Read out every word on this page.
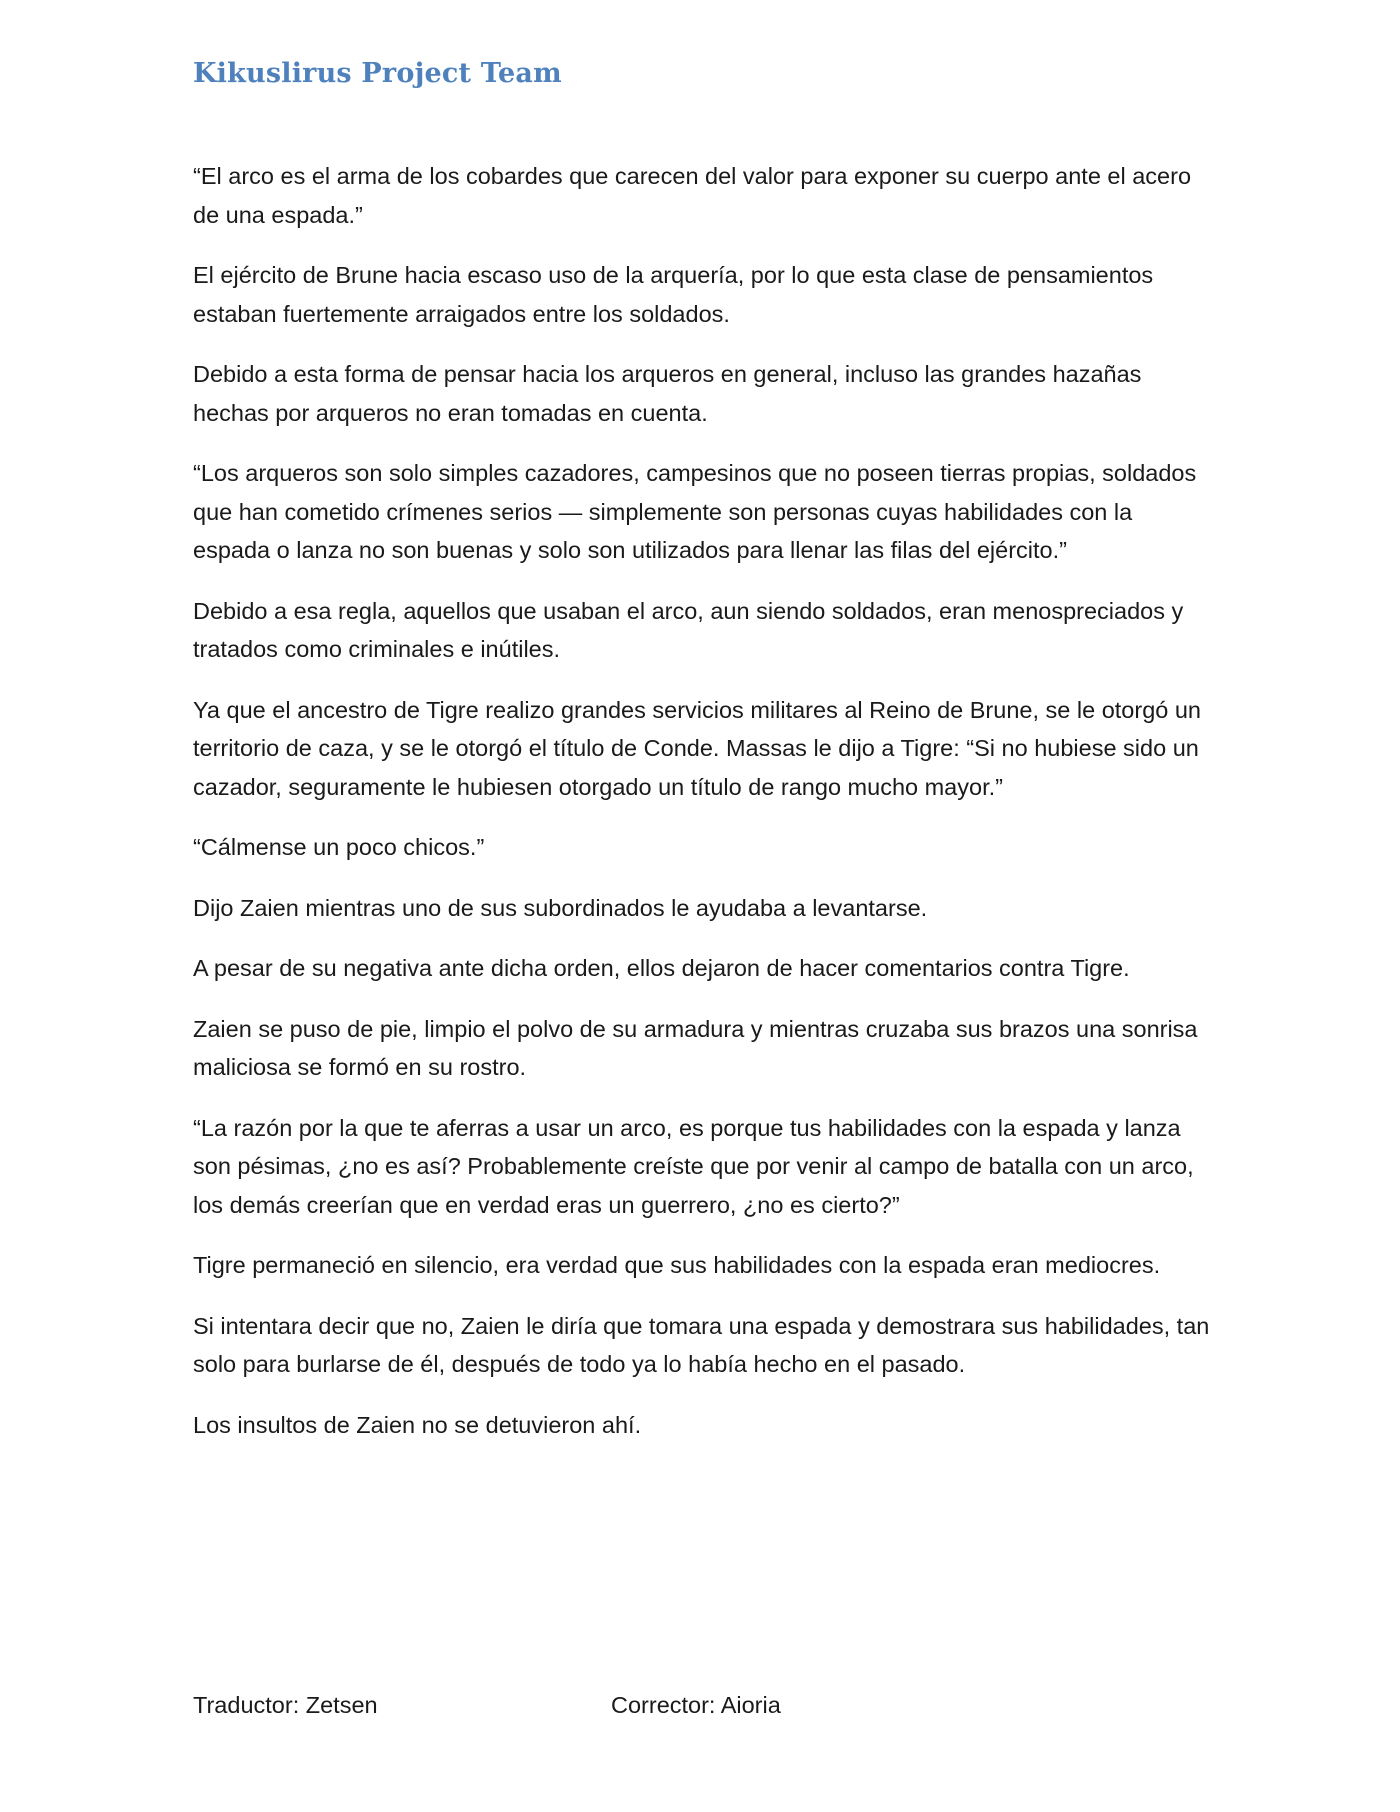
Kikuslirus Project Team

“El arco es el arma de los cobardes que carecen del valor para exponer su cuerpo ante el acero de una espada.”

El ejército de Brune hacia escaso uso de la arquería, por lo que esta clase de pensamientos estaban fuertemente arraigados entre los soldados.

Debido a esta forma de pensar hacia los arqueros en general, incluso las grandes hazañas hechas por arqueros no eran tomadas en cuenta.

“Los arqueros son solo simples cazadores, campesinos que no poseen tierras propias, soldados que han cometido crímenes serios — simplemente son personas cuyas habilidades con la espada o lanza no son buenas y solo son utilizados para llenar las filas del ejército.”

Debido a esa regla, aquellos que usaban el arco, aun siendo soldados, eran menospreciados y tratados como criminales e inútiles.

Ya que el ancestro de Tigre realizo grandes servicios militares al Reino de Brune, se le otorgó un territorio de caza, y se le otorgó el título de Conde. Massas le dijo a Tigre: “Si no hubiese sido un cazador, seguramente le hubiesen otorgado un título de rango mucho mayor.”

“Cálmense un poco chicos.”

Dijo Zaien mientras uno de sus subordinados le ayudaba a levantarse.

A pesar de su negativa ante dicha orden, ellos dejaron de hacer comentarios contra Tigre.

Zaien se puso de pie, limpio el polvo de su armadura y mientras cruzaba sus brazos una sonrisa maliciosa se formó en su rostro.

“La razón por la que te aferras a usar un arco, es porque tus habilidades con la espada y lanza son pésimas, ¿no es así? Probablemente creíste que por venir al campo de batalla con un arco, los demás creerían que en verdad eras un guerrero, ¿no es cierto?”

Tigre permaneció en silencio, era verdad que sus habilidades con la espada eran mediocres.

Si intentara decir que no, Zaien le diría que tomara una espada y demostrara sus habilidades, tan solo para burlarse de él, después de todo ya lo había hecho en el pasado.

Los insultos de Zaien no se detuvieron ahí.

Traductor: Zetsen	Corrector: Aioria
